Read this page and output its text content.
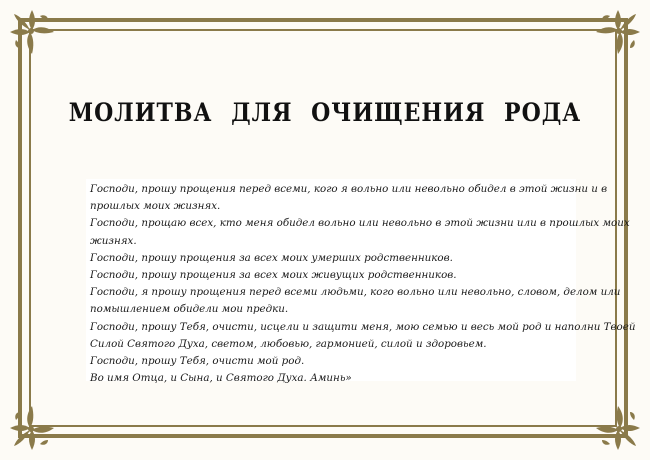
МОЛИТВА ДЛЯ ОЧИЩЕНИЯ РОДА

Господи, прошу прощения перед всеми, кого я вольно или невольно обидел в этой жизни и в

прошлых моих жизнях.

Господи, прощаю всех, кто меня обидел вольно или невольно в этой жизни или в прошлых моих

жизнях.

Господи, прошу прощения за всех моих умерших родственников.

Господи, прошу прощения за всех моих живущих родственников.

Господи, я прошу прощения перед всеми людьми, кого вольно или невольно, словом, делом или

помышлением обидели мои предки.

Господи, прошу Тебя, очисти, исцели и защити меня, мою семью и весь мой род и наполни Твоей

Силой Святого Духа, светом, любовью, гармонией, силой и здоровьем.

Господи, прошу Тебя, очисти мой род.

Во имя Отца, и Сына, и Святого Духа. Аминь»
